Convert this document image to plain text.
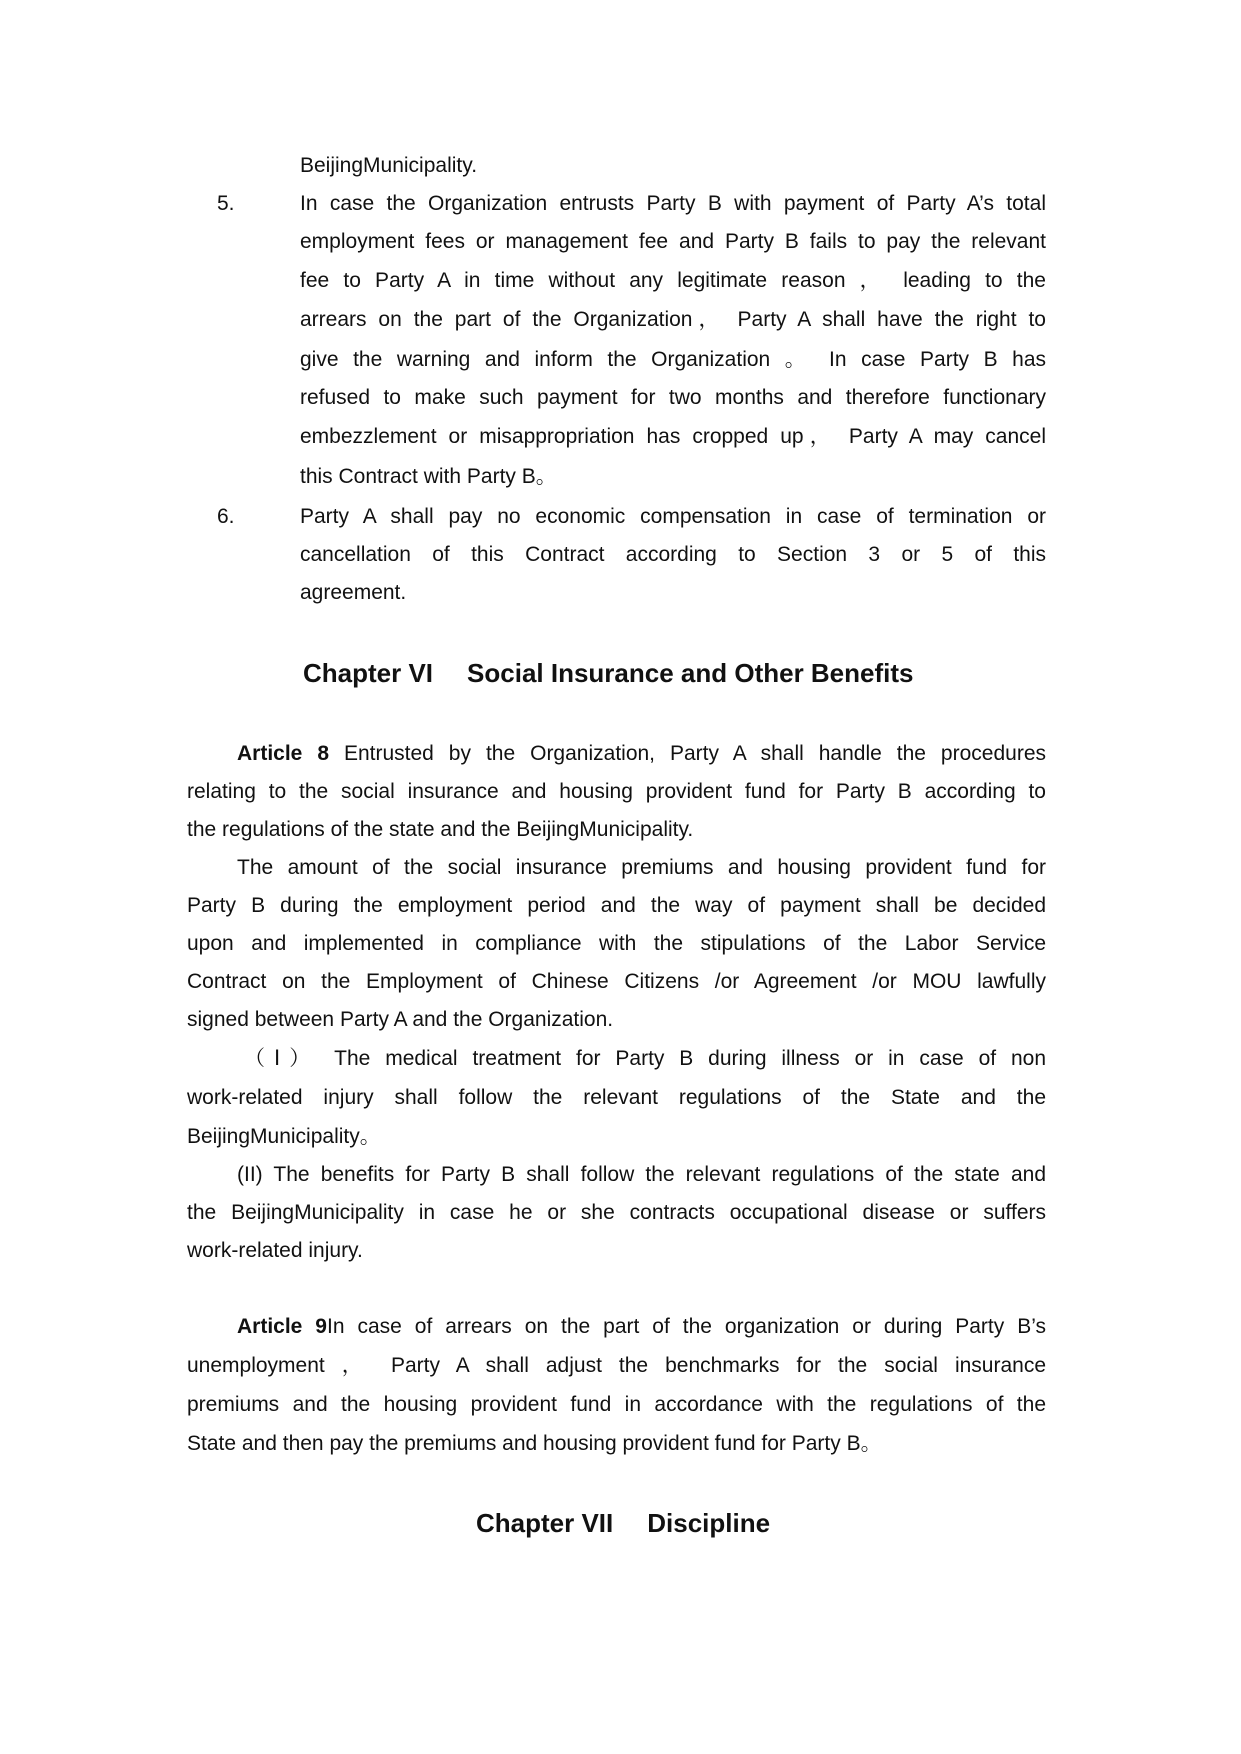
BeijingMunicipality.
5.	In case the Organization entrusts Party B with payment of Party A’s total
employment fees or management fee and Party B fails to pay the relevant
fee to Party A in time without any legitimate reason ， leading to the
arrears on the part of the Organization， Party A shall have the right to
give the warning and inform the Organization 。 In case Party B has
refused to make such payment for two months and therefore functionary
embezzlement or misappropriation has cropped up， Party A may cancel
this Contract with Party B。
6.	Party A shall pay no economic compensation in case of termination or
cancellation of this Contract according to Section 3 or 5 of this
agreement.
Chapter VI Social Insurance and Other Benefits
Article 8 Entrusted by the Organization, Party A shall handle the procedures
relating to the social insurance and housing provident fund for Party B according to
the regulations of the state and the BeijingMunicipality.
The amount of the social insurance premiums and housing provident fund for
Party B during the employment period and the way of payment shall be decided
upon and implemented in compliance with the stipulations of the Labor Service
Contract on the Employment of Chinese Citizens /or Agreement /or MOU lawfully
signed between Party A and the Organization.
（Ⅰ） The medical treatment for Party B during illness or in case of non
work-related injury shall follow the relevant regulations of the State and the
BeijingMunicipality。
(II) The benefits for Party B shall follow the relevant regulations of the state and
the BeijingMunicipality in case he or she contracts occupational disease or suffers
work-related injury.
Article 9In case of arrears on the part of the organization or during Party B’s
unemployment ， Party A shall adjust the benchmarks for the social insurance
premiums and the housing provident fund in accordance with the regulations of the
State and then pay the premiums and housing provident fund for Party B。
Chapter VII Discipline
